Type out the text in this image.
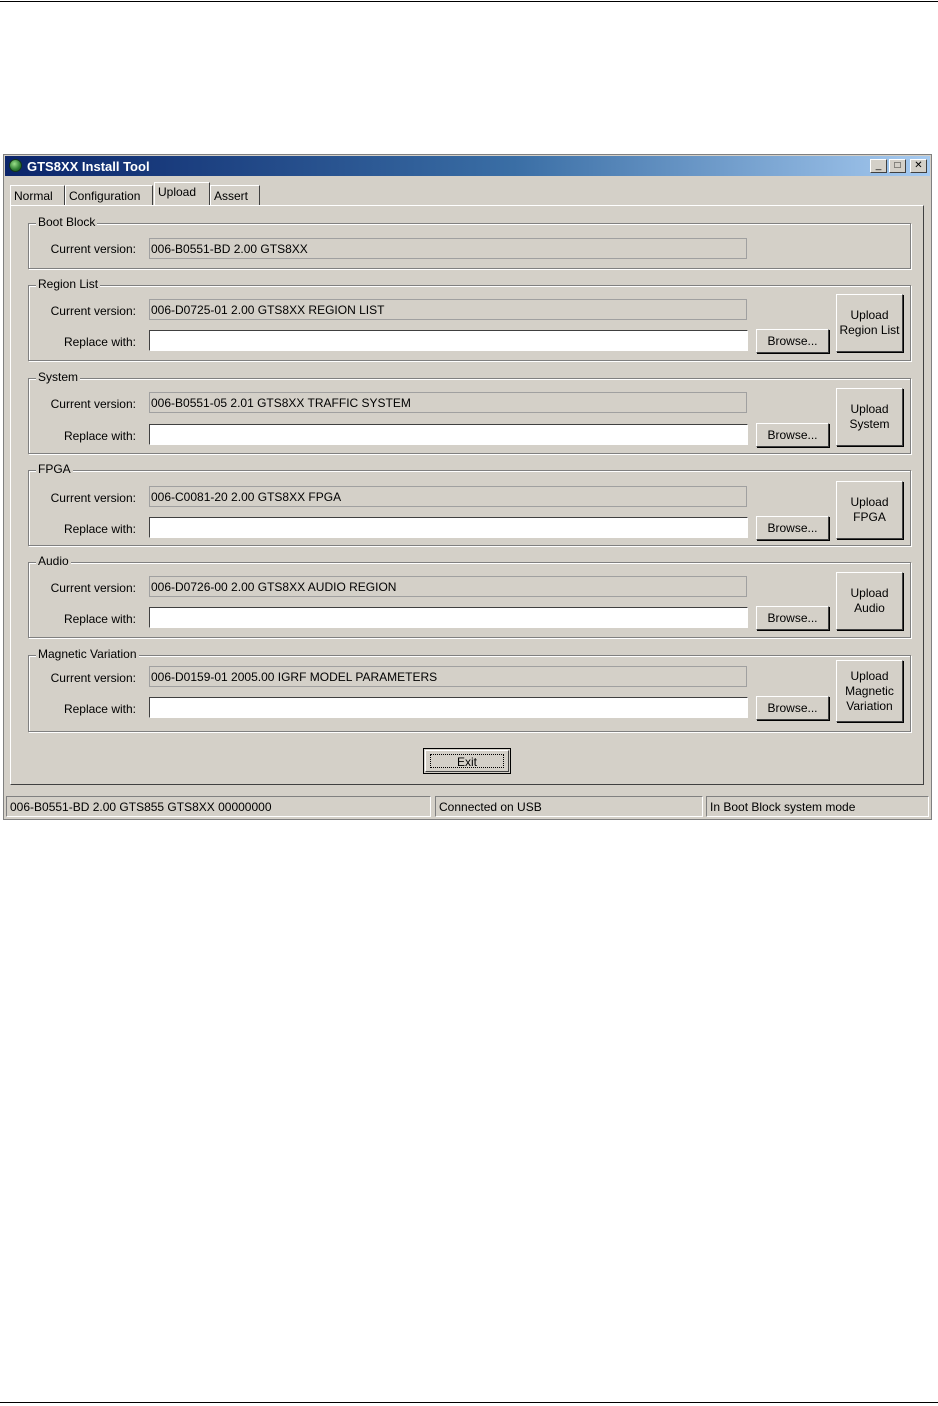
GTS8XX Install Tool	_	□	✕
Normal	Configuration	Upload	Assert
Boot Block
Current version: 006-B0551-BD 2.00 GTS8XX
Region List
Current version: 006-D0725-01 2.00 GTS8XX REGION LIST
Replace with:	Browse...
Upload Region List
System
Current version: 006-B0551-05 2.01 GTS8XX TRAFFIC SYSTEM
Replace with:	Browse...
Upload System
FPGA
Current version: 006-C0081-20 2.00 GTS8XX FPGA
Replace with:	Browse...
Upload FPGA
Audio
Current version: 006-D0726-00 2.00 GTS8XX AUDIO REGION
Replace with:	Browse...
Upload Audio
Magnetic Variation
Current version: 006-D0159-01 2005.00 IGRF MODEL PARAMETERS
Replace with:	Browse...
Upload Magnetic Variation
Exit
006-B0551-BD 2.00 GTS855 GTS8XX 00000000	Connected on USB	In Boot Block system mode
